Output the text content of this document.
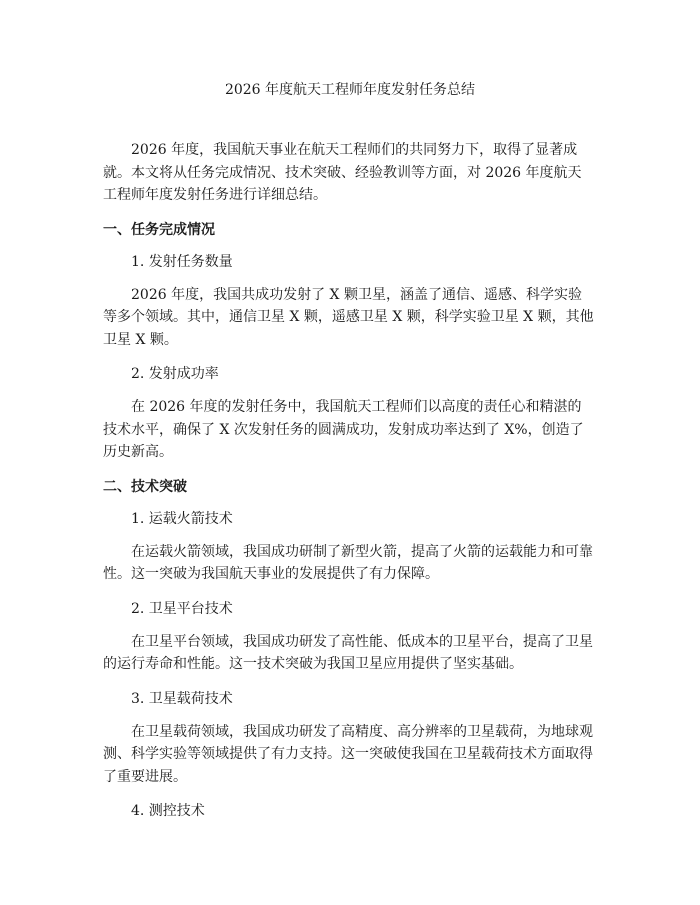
2026 年度航天工程师年度发射任务总结

2026 年度，我国航天事业在航天工程师们的共同努力下，取得了显著成就。本文将从任务完成情况、技术突破、经验教训等方面，对 2026 年度航天工程师年度发射任务进行详细总结。

一、任务完成情况

1. 发射任务数量

2026 年度，我国共成功发射了 X 颗卫星，涵盖了通信、遥感、科学实验等多个领域。其中，通信卫星 X 颗，遥感卫星 X 颗，科学实验卫星 X 颗，其他卫星 X 颗。

2. 发射成功率

在 2026 年度的发射任务中，我国航天工程师们以高度的责任心和精湛的技术水平，确保了 X 次发射任务的圆满成功，发射成功率达到了 X%，创造了历史新高。

二、技术突破

1. 运载火箭技术

在运载火箭领域，我国成功研制了新型火箭，提高了火箭的运载能力和可靠性。这一突破为我国航天事业的发展提供了有力保障。

2. 卫星平台技术

在卫星平台领域，我国成功研发了高性能、低成本的卫星平台，提高了卫星的运行寿命和性能。这一技术突破为我国卫星应用提供了坚实基础。

3. 卫星载荷技术

在卫星载荷领域，我国成功研发了高精度、高分辨率的卫星载荷，为地球观测、科学实验等领域提供了有力支持。这一突破使我国在卫星载荷技术方面取得了重要进展。

4. 测控技术
